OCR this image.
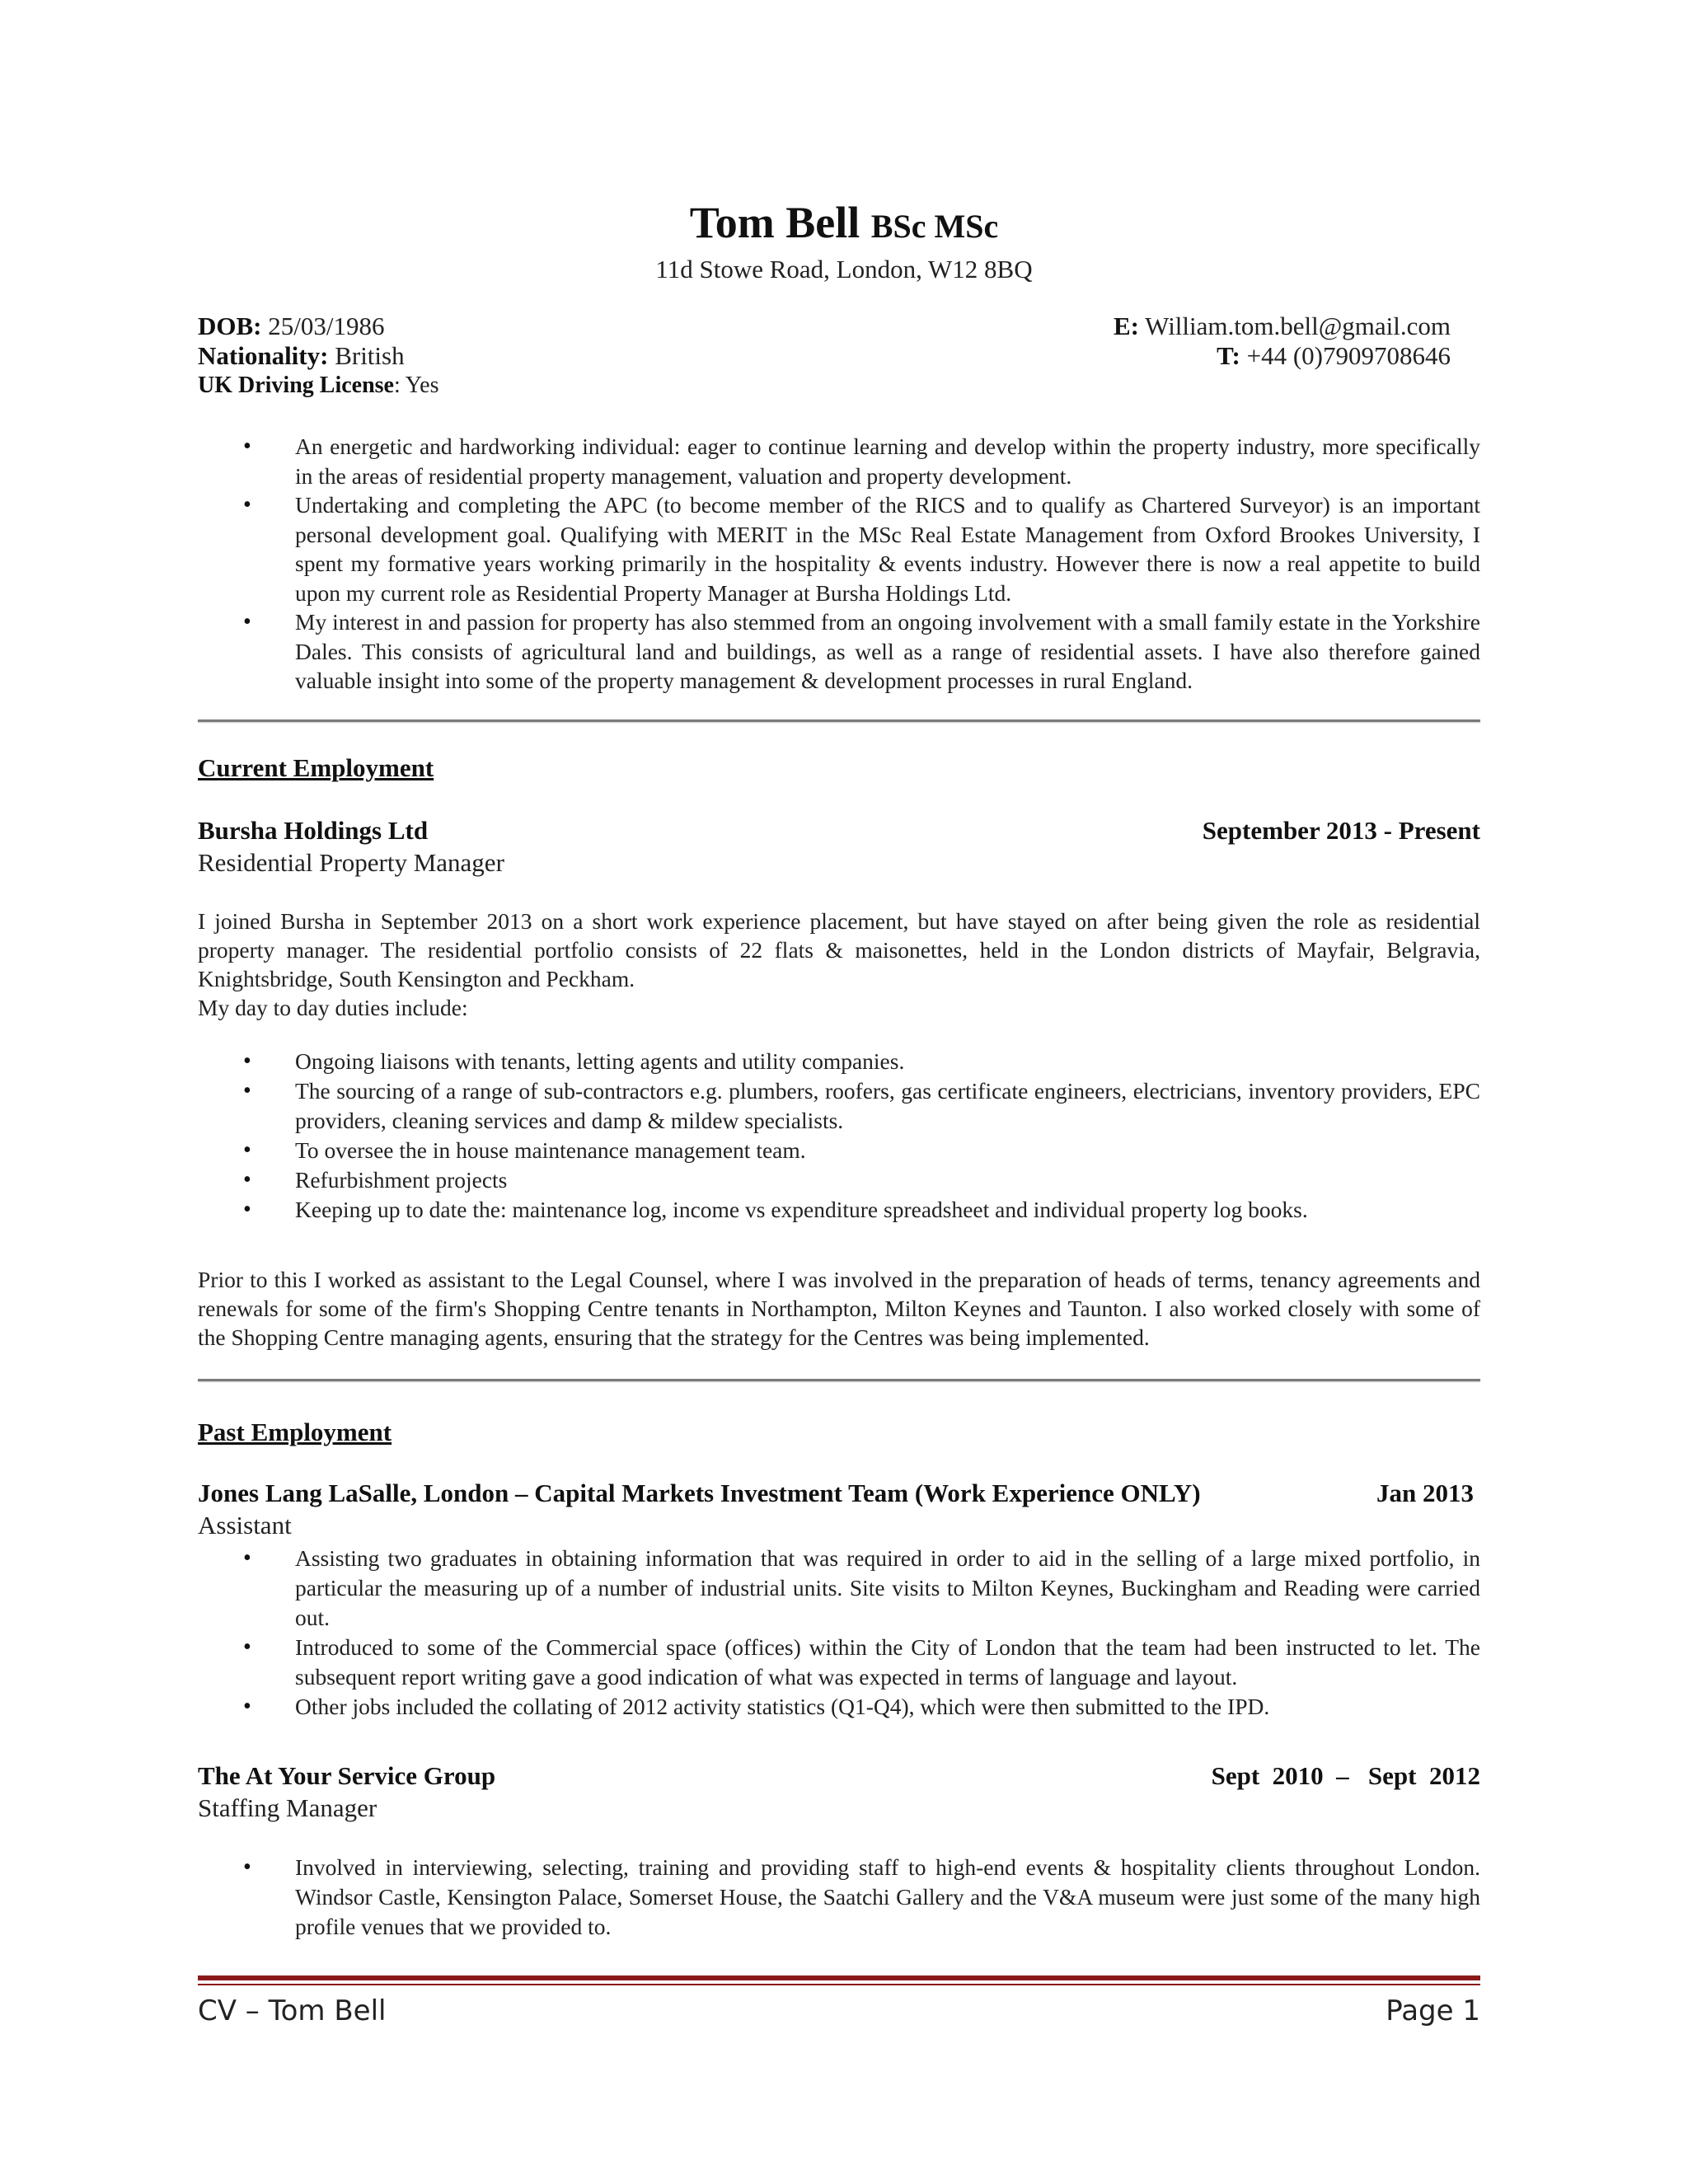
Tom Bell BSc MSc
11d Stowe Road, London, W12 8BQ
DOB: 25/03/1986	E: William.tom.bell@gmail.com
Nationality: British	T: +44 (0)7909708646
UK Driving License: Yes
• An energetic and hardworking individual: eager to continue learning and develop within the property industry, more specifically in the areas of residential property management, valuation and property development.
• Undertaking and completing the APC (to become member of the RICS and to qualify as Chartered Surveyor) is an important personal development goal. Qualifying with MERIT in the MSc Real Estate Management from Oxford Brookes University, I spent my formative years working primarily in the hospitality & events industry. However there is now a real appetite to build upon my current role as Residential Property Manager at Bursha Holdings Ltd.
• My interest in and passion for property has also stemmed from an ongoing involvement with a small family estate in the Yorkshire Dales. This consists of agricultural land and buildings, as well as a range of residential assets. I have also therefore gained valuable insight into some of the property management & development processes in rural England.
Current Employment
Bursha Holdings Ltd	September 2013 - Present
Residential Property Manager
I joined Bursha in September 2013 on a short work experience placement, but have stayed on after being given the role as residential property manager. The residential portfolio consists of 22 flats & maisonettes, held in the London districts of Mayfair, Belgravia, Knightsbridge, South Kensington and Peckham.
My day to day duties include:
• Ongoing liaisons with tenants, letting agents and utility companies.
• The sourcing of a range of sub-contractors e.g. plumbers, roofers, gas certificate engineers, electricians, inventory providers, EPC providers, cleaning services and damp & mildew specialists.
• To oversee the in house maintenance management team.
• Refurbishment projects
• Keeping up to date the: maintenance log, income vs expenditure spreadsheet and individual property log books.
Prior to this I worked as assistant to the Legal Counsel, where I was involved in the preparation of heads of terms, tenancy agreements and renewals for some of the firm's Shopping Centre tenants in Northampton, Milton Keynes and Taunton. I also worked closely with some of the Shopping Centre managing agents, ensuring that the strategy for the Centres was being implemented.
Past Employment
Jones Lang LaSalle, London – Capital Markets Investment Team (Work Experience ONLY)	Jan 2013
Assistant
• Assisting two graduates in obtaining information that was required in order to aid in the selling of a large mixed portfolio, in particular the measuring up of a number of industrial units. Site visits to Milton Keynes, Buckingham and Reading were carried out.
• Introduced to some of the Commercial space (offices) within the City of London that the team had been instructed to let. The subsequent report writing gave a good indication of what was expected in terms of language and layout.
• Other jobs included the collating of 2012 activity statistics (Q1-Q4), which were then submitted to the IPD.
The At Your Service Group	Sept  2010  –   Sept  2012
Staffing Manager
• Involved in interviewing, selecting, training and providing staff to high-end events & hospitality clients throughout London. Windsor Castle, Kensington Palace, Somerset House, the Saatchi Gallery and the V&A museum were just some of the many high profile venues that we provided to.
CV – Tom Bell	Page 1
